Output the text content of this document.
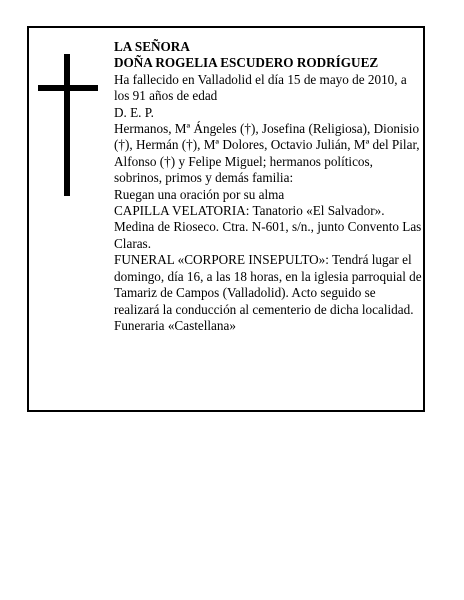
LA SEÑORA

DOÑA ROGELIA ESCUDERO RODRÍGUEZ

Ha fallecido en Valladolid el día 15 de mayo de 2010, a los 91 años de edad

D. E. P.

Hermanos, Mª Ángeles (†), Josefina (Religiosa), Dionisio (†), Hermán (†), Mª Dolores, Octavio Julián, Mª del Pilar, Alfonso (†) y Felipe Miguel; hermanos políticos, sobrinos, primos y demás familia:

Ruegan una oración por su alma

CAPILLA VELATORIA: Tanatorio «El Salvador». Medina de Rioseco. Ctra. N-601, s/n., junto Convento Las Claras.

FUNERAL «CORPORE INSEPULTO»: Tendrá lugar el domingo, día 16, a las 18 horas, en la iglesia parroquial de Tamariz de Campos (Valladolid). Acto seguido se realizará la conducción al cementerio de dicha localidad.

Funeraria «Castellana»
